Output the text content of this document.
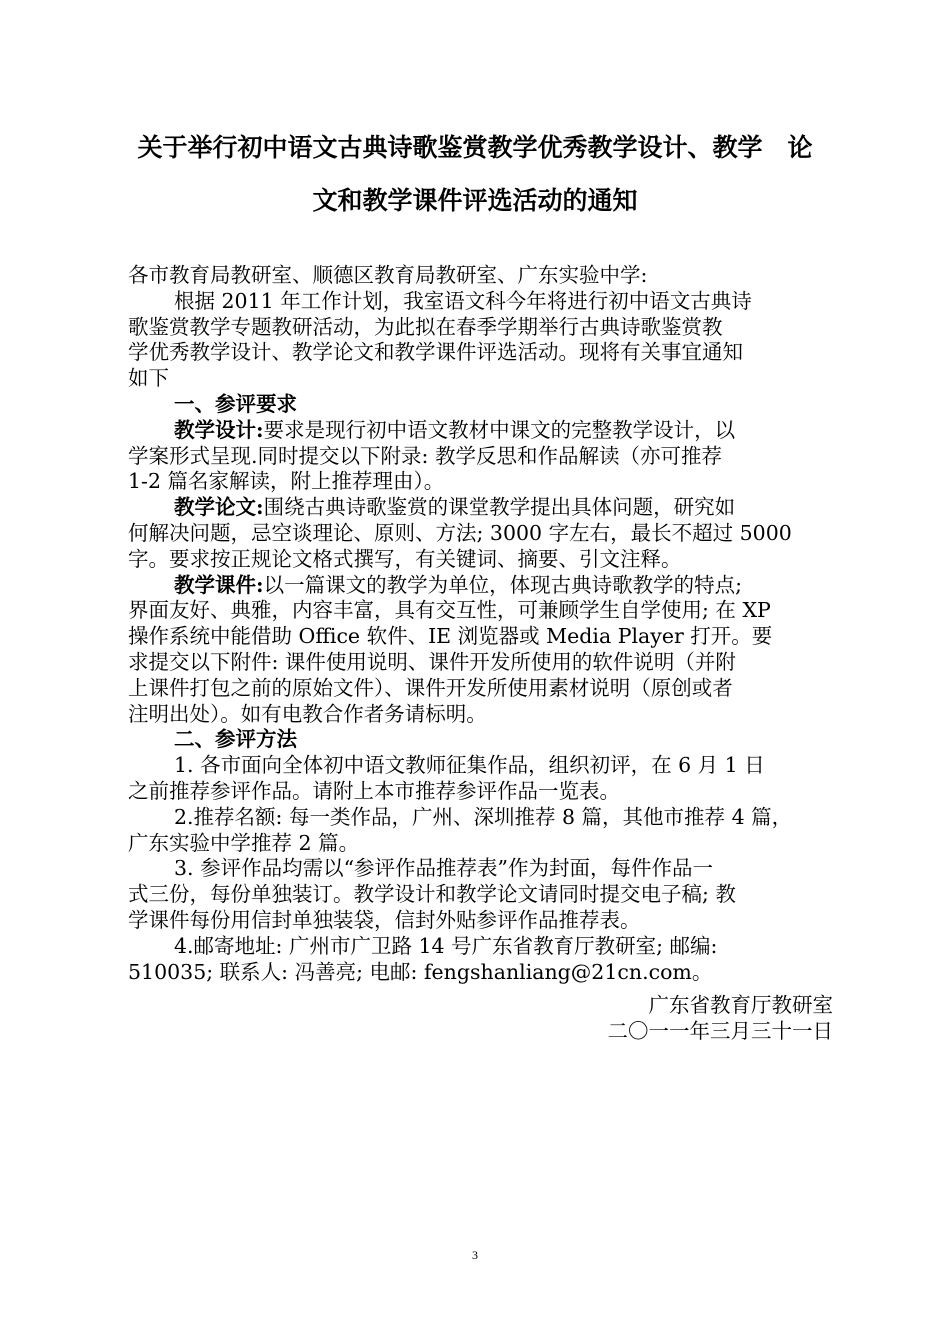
关于举行初中语文古典诗歌鉴赏教学优秀教学设计、教学　论
文和教学课件评选活动的通知
各市教育局教研室、顺德区教育局教研室、广东实验中学:
根据 2011 年工作计划，我室语文科今年将进行初中语文古典诗
歌鉴赏教学专题教研活动，为此拟在春季学期举行古典诗歌鉴赏教
学优秀教学设计、教学论文和教学课件评选活动。现将有关事宜通知
如下
一、参评要求
教学设计:要求是现行初中语文教材中课文的完整教学设计，以
学案形式呈现.同时提交以下附录: 教学反思和作品解读（亦可推荐
1-2 篇名家解读，附上推荐理由）。
教学论文:围绕古典诗歌鉴赏的课堂教学提出具体问题，研究如
何解决问题，忌空谈理论、原则、方法; 3000 字左右，最长不超过 5000
字。要求按正规论文格式撰写，有关键词、摘要、引文注释。
教学课件:以一篇课文的教学为单位，体现古典诗歌教学的特点;
界面友好、典雅，内容丰富，具有交互性，可兼顾学生自学使用; 在 XP
操作系统中能借助 Office 软件、IE 浏览器或 Media Player 打开。要
求提交以下附件: 课件使用说明、课件开发所使用的软件说明（并附
上课件打包之前的原始文件）、课件开发所使用素材说明（原创或者
注明出处）。如有电教合作者务请标明。
二、参评方法
1. 各市面向全体初中语文教师征集作品，组织初评，在 6 月 1 日
之前推荐参评作品。请附上本市推荐参评作品一览表。
2.推荐名额: 每一类作品，广州、深圳推荐 8 篇，其他市推荐 4 篇，
广东实验中学推荐 2 篇。
3. 参评作品均需以“参评作品推荐表”作为封面，每件作品一
式三份，每份单独装订。教学设计和教学论文请同时提交电子稿; 教
学课件每份用信封单独装袋，信封外贴参评作品推荐表。
4.邮寄地址: 广州市广卫路 14 号广东省教育厅教研室; 邮编:
510035; 联系人: 冯善亮; 电邮: fengshanliang@21cn.com。
广东省教育厅教研室
二〇一一年三月三十一日
3
